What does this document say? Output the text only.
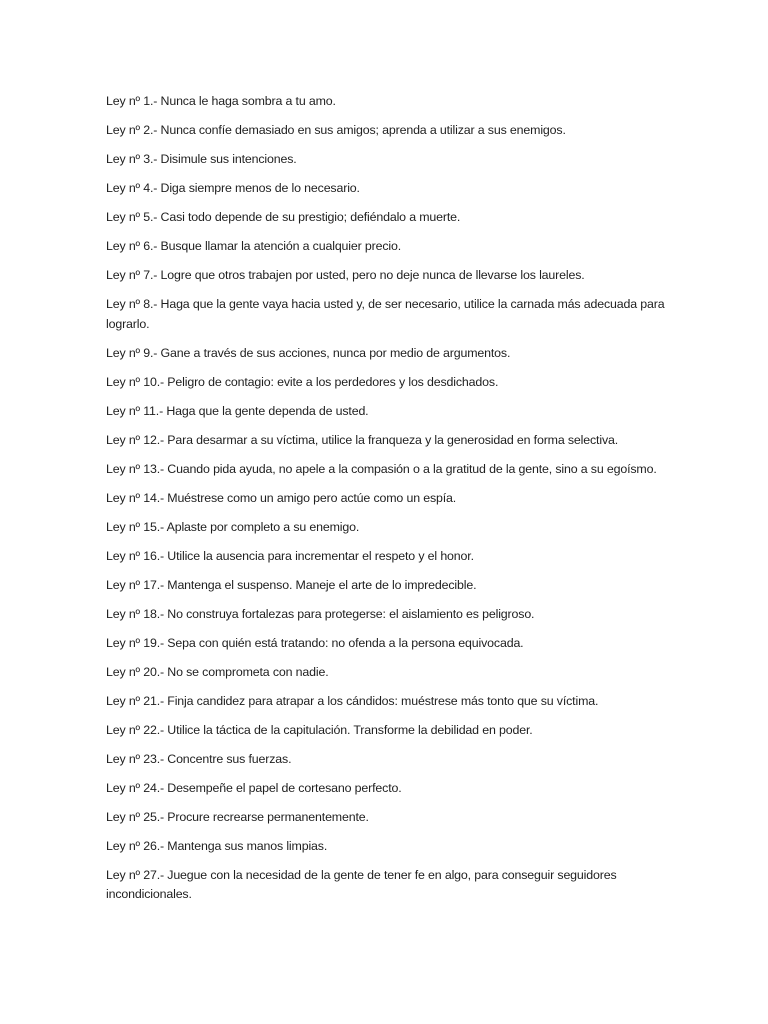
Ley nº 1.- Nunca le haga sombra a tu amo.
Ley nº 2.- Nunca confíe demasiado en sus amigos; aprenda a utilizar a sus enemigos.
Ley nº 3.- Disimule sus intenciones.
Ley nº 4.- Diga siempre menos de lo necesario.
Ley nº 5.- Casi todo depende de su prestigio; defiéndalo a muerte.
Ley nº 6.- Busque llamar la atención a cualquier precio.
Ley nº 7.- Logre que otros trabajen por usted, pero no deje nunca de llevarse los laureles.
Ley nº 8.- Haga que la gente vaya hacia usted y, de ser necesario, utilice la carnada más adecuada para lograrlo.
Ley nº 9.- Gane a través de sus acciones, nunca por medio de argumentos.
Ley nº 10.- Peligro de contagio: evite a los perdedores y los desdichados.
Ley nº 11.- Haga que la gente dependa de usted.
Ley nº 12.- Para desarmar a su víctima, utilice la franqueza y la generosidad en forma selectiva.
Ley nº 13.- Cuando pida ayuda, no apele a la compasión o a la gratitud de la gente, sino a su egoísmo.
Ley nº 14.- Muéstrese como un amigo pero actúe como un espía.
Ley nº 15.- Aplaste por completo a su enemigo.
Ley nº 16.- Utilice la ausencia para incrementar el respeto y el honor.
Ley nº 17.- Mantenga el suspenso. Maneje el arte de lo impredecible.
Ley nº 18.- No construya fortalezas para protegerse: el aislamiento es peligroso.
Ley nº 19.- Sepa con quién está tratando: no ofenda a la persona equivocada.
Ley nº 20.- No se comprometa con nadie.
Ley nº 21.- Finja candidez para atrapar a los cándidos: muéstrese más tonto que su víctima.
Ley nº 22.- Utilice la táctica de la capitulación. Transforme la debilidad en poder.
Ley nº 23.- Concentre sus fuerzas.
Ley nº 24.- Desempeñe el papel de cortesano perfecto.
Ley nº 25.- Procure recrearse permanentemente.
Ley nº 26.- Mantenga sus manos limpias.
Ley nº 27.- Juegue con la necesidad de la gente de tener fe en algo, para conseguir seguidores incondicionales.
